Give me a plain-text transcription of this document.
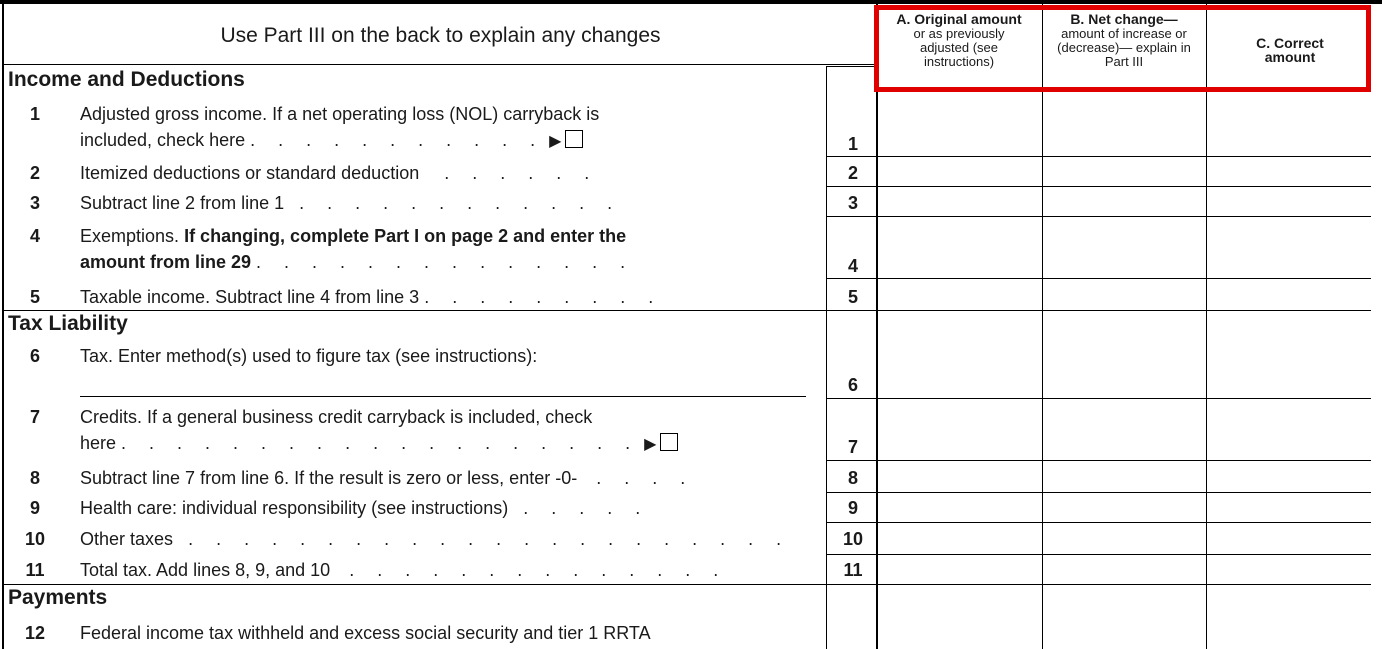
Use Part III on the back to explain any changes
A. Original amount
or as previously adjusted (see instructions)
B. Net change—
amount of increase or (decrease)— explain in Part III
C. Correct amount
Income and Deductions
1	Adjusted gross income. If a net operating loss (NOL) carryback is
included, check here . . . . . . . . . . . ▶	1
2	Itemized deductions or standard deduction . . . . . .	2
3	Subtract line 2 from line 1 . . . . . . . . . . . .	3
4	Exemptions. If changing, complete Part I on page 2 and enter the
amount from line 29 . . . . . . . . . . . . . .	4
5	Taxable income. Subtract line 4 from line 3 . . . . . . . . .	5
Tax Liability
6	Tax. Enter method(s) used to figure tax (see instructions):
6
7	Credits. If a general business credit carryback is included, check
here . . . . . . . . . . . . . . . . . . . ▶	7
8	Subtract line 7 from line 6. If the result is zero or less, enter -0- . . . .	8
9	Health care: individual responsibility (see instructions) . . . . .	9
10	Other taxes . . . . . . . . . . . . . . . . . . . . . .	10
11	Total tax. Add lines 8, 9, and 10 . . . . . . . . . . . . . .	11
Payments
12	Federal income tax withheld and excess social security and tier 1 RRTA
